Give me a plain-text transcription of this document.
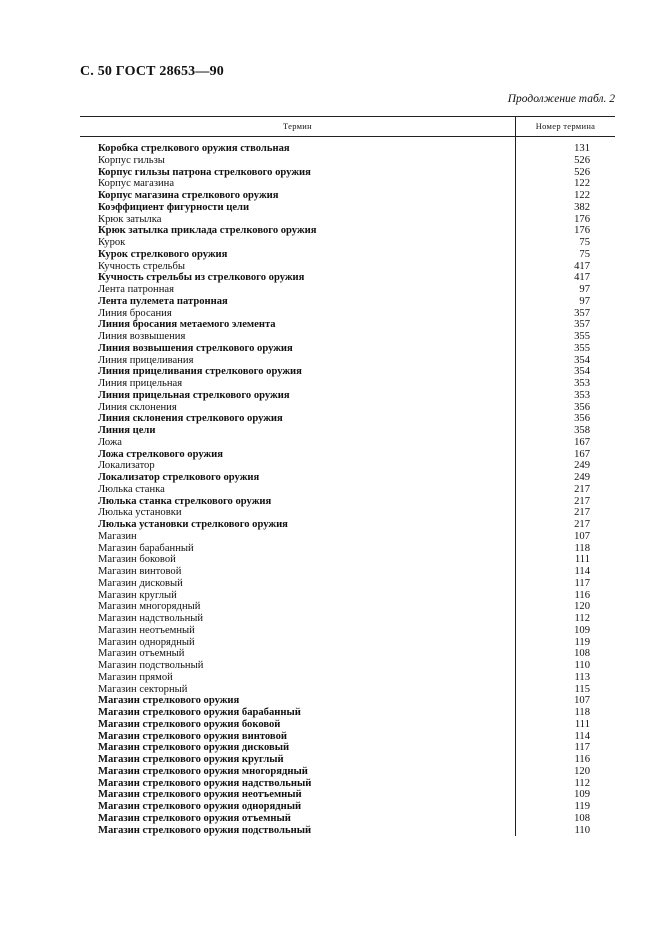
С. 50 ГОСТ 28653—90
Продолжение табл. 2
Термин	Номер термина
Коробка стрелкового оружия ствольная	131
Корпус гильзы	526
Корпус гильзы патрона стрелкового оружия	526
Корпус магазина	122
Корпус магазина стрелкового оружия	122
Коэффициент фигурности цели	382
Крюк затылка	176
Крюк затылка приклада стрелкового оружия	176
Курок	75
Курок стрелкового оружия	75
Кучность стрельбы	417
Кучность стрельбы из стрелкового оружия	417
Лента патронная	97
Лента пулемета патронная	97
Линия бросания	357
Линия бросания метаемого элемента	357
Линия возвышения	355
Линия возвышения стрелкового оружия	355
Линия прицеливания	354
Линия прицеливания стрелкового оружия	354
Линия прицельная	353
Линия прицельная стрелкового оружия	353
Линия склонения	356
Линия склонения стрелкового оружия	356
Линия цели	358
Ложа	167
Ложа стрелкового оружия	167
Локализатор	249
Локализатор стрелкового оружия	249
Люлька станка	217
Люлька станка стрелкового оружия	217
Люлька установки	217
Люлька установки стрелкового оружия	217
Магазин	107
Магазин барабанный	118
Магазин боковой	111
Магазин винтовой	114
Магазин дисковый	117
Магазин круглый	116
Магазин многорядный	120
Магазин надствольный	112
Магазин неотъемный	109
Магазин однорядный	119
Магазин отъемный	108
Магазин подствольный	110
Магазин прямой	113
Магазин секторный	115
Магазин стрелкового оружия	107
Магазин стрелкового оружия барабанный	118
Магазин стрелкового оружия боковой	111
Магазин стрелкового оружия винтовой	114
Магазин стрелкового оружия дисковый	117
Магазин стрелкового оружия круглый	116
Магазин стрелкового оружия многорядный	120
Магазин стрелкового оружия надствольный	112
Магазин стрелкового оружия неотъемный	109
Магазин стрелкового оружия однорядный	119
Магазин стрелкового оружия отъемный	108
Магазин стрелкового оружия подствольный	110
